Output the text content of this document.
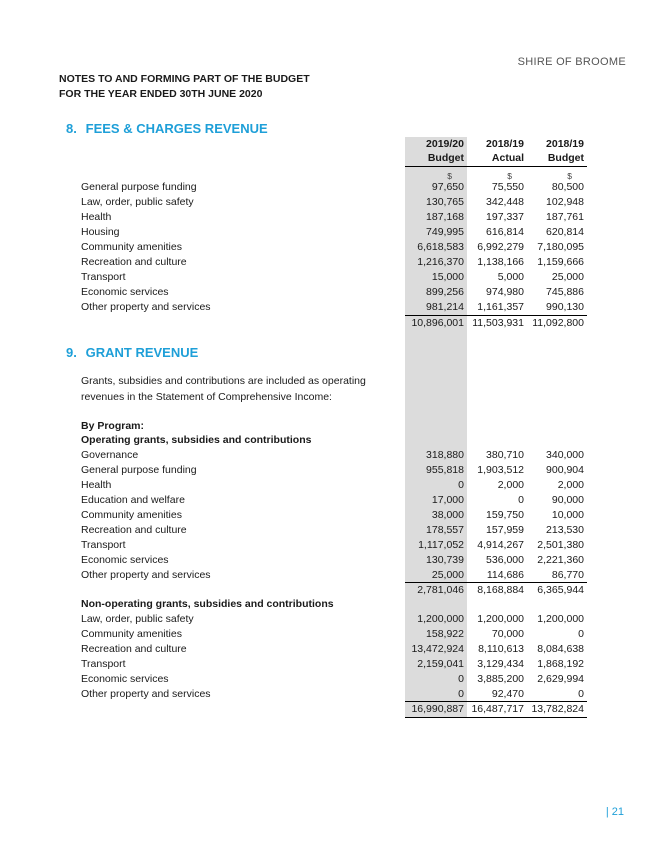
SHIRE OF BROOME
NOTES TO AND FORMING PART OF THE BUDGET
FOR THE YEAR ENDED 30TH JUNE 2020
8. FEES & CHARGES REVENUE
2019/20	2018/19	2018/19
Budget	Actual	Budget
$	$	$
General purpose funding	97,650	75,550	80,500
Law, order, public safety	130,765	342,448	102,948
Health	187,168	197,337	187,761
Housing	749,995	616,814	620,814
Community amenities	6,618,583	6,992,279	7,180,095
Recreation and culture	1,216,370	1,138,166	1,159,666
Transport	15,000	5,000	25,000
Economic services	899,256	974,980	745,886
Other property and services	981,214	1,161,357	990,130
10,896,001 11,503,931 11,092,800
9. GRANT REVENUE
Grants, subsidies and contributions are included as operating
revenues in the Statement of Comprehensive Income:
By Program:
Operating grants, subsidies and contributions
Governance	318,880	380,710	340,000
General purpose funding	955,818	1,903,512	900,904
Health	0	2,000	2,000
Education and welfare	17,000	0	90,000
Community amenities	38,000	159,750	10,000
Recreation and culture	178,557	157,959	213,530
Transport	1,117,052	4,914,267	2,501,380
Economic services	130,739	536,000	2,221,360
Other property and services	25,000	114,686	86,770
2,781,046	8,168,884	6,365,944
Non-operating grants, subsidies and contributions
Law, order, public safety	1,200,000	1,200,000	1,200,000
Community amenities	158,922	70,000	0
Recreation and culture	13,472,924	8,110,613	8,084,638
Transport	2,159,041	3,129,434	1,868,192
Economic services	0	3,885,200	2,629,994
Other property and services	0	92,470	0
16,990,887 16,487,717 13,782,824
| 21
